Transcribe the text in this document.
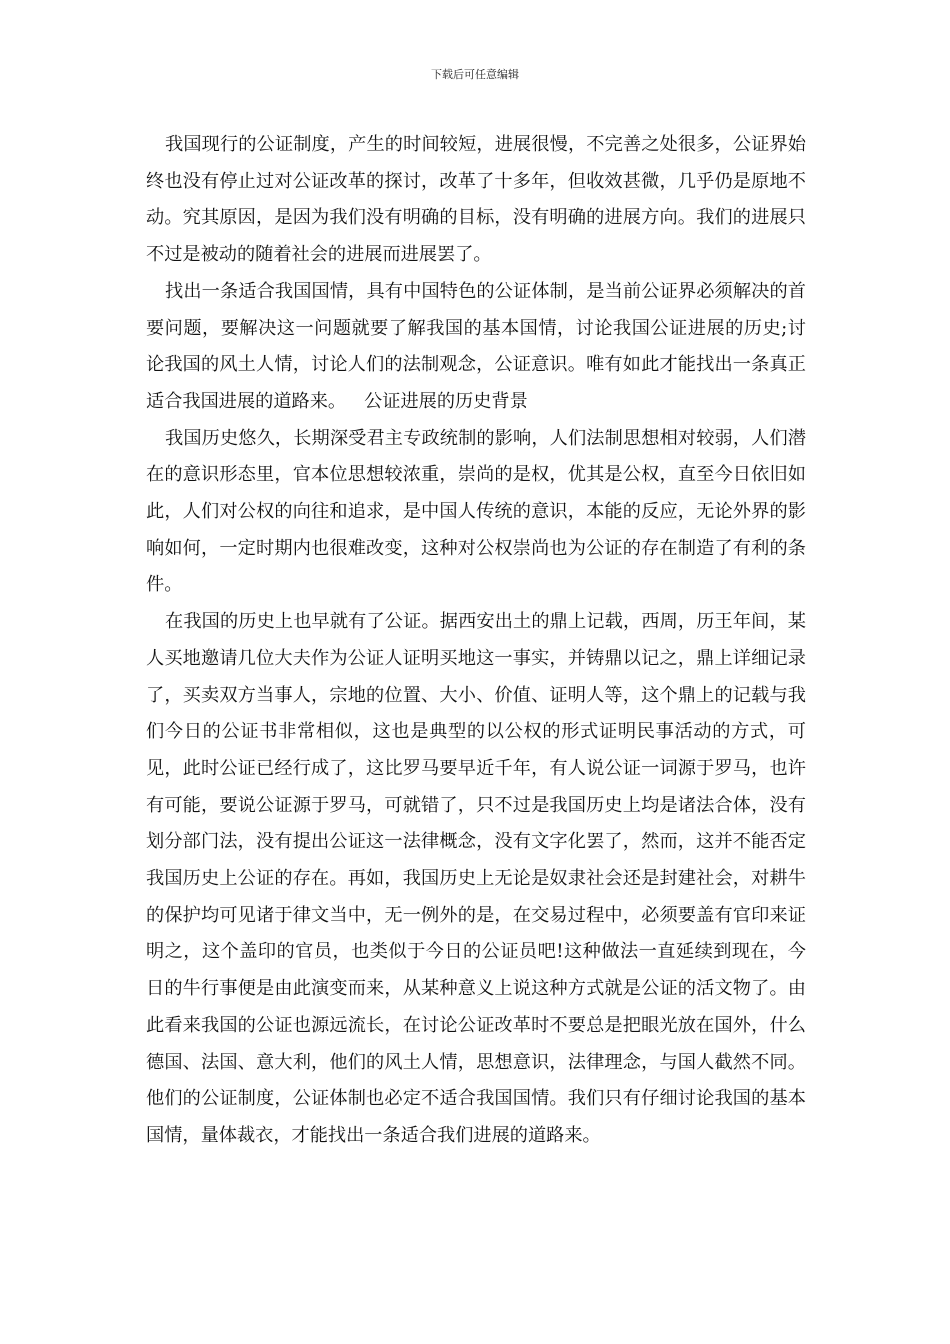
下载后可任意编辑

我国现行的公证制度，产生的时间较短，进展很慢，不完善之处很多，公证界始终也没有停止过对公证改革的探讨，改革了十多年，但收效甚微，几乎仍是原地不动。究其原因，是因为我们没有明确的目标，没有明确的进展方向。我们的进展只不过是被动的随着社会的进展而进展罢了。

找出一条适合我国国情，具有中国特色的公证体制，是当前公证界必须解决的首要问题，要解决这一问题就要了解我国的基本国情，讨论我国公证进展的历史;讨论我国的风土人情，讨论人们的法制观念，公证意识。唯有如此才能找出一条真正适合我国进展的道路来。 公证进展的历史背景

我国历史悠久，长期深受君主专政统制的影响，人们法制思想相对较弱，人们潜在的意识形态里，官本位思想较浓重，崇尚的是权，优其是公权，直至今日依旧如此，人们对公权的向往和追求，是中国人传统的意识，本能的反应，无论外界的影响如何，一定时期内也很难改变，这种对公权崇尚也为公证的存在制造了有利的条件。

在我国的历史上也早就有了公证。据西安出土的鼎上记载，西周，历王年间，某人买地邀请几位大夫作为公证人证明买地这一事实，并铸鼎以记之，鼎上详细记录了，买卖双方当事人，宗地的位置、大小、价值、证明人等，这个鼎上的记载与我们今日的公证书非常相似，这也是典型的以公权的形式证明民事活动的方式，可见，此时公证已经行成了，这比罗马要早近千年，有人说公证一词源于罗马，也许有可能，要说公证源于罗马，可就错了，只不过是我国历史上均是诸法合体，没有划分部门法，没有提出公证这一法律概念，没有文字化罢了，然而，这并不能否定我国历史上公证的存在。再如，我国历史上无论是奴隶社会还是封建社会，对耕牛的保护均可见诸于律文当中，无一例外的是，在交易过程中，必须要盖有官印来证明之，这个盖印的官员，也类似于今日的公证员吧!这种做法一直延续到现在，今日的牛行事便是由此演变而来，从某种意义上说这种方式就是公证的活文物了。由此看来我国的公证也源远流长，在讨论公证改革时不要总是把眼光放在国外，什么德国、法国、意大利，他们的风土人情，思想意识，法律理念，与国人截然不同。他们的公证制度，公证体制也必定不适合我国国情。我们只有仔细讨论我国的基本国情，量体裁衣，才能找出一条适合我们进展的道路来。
